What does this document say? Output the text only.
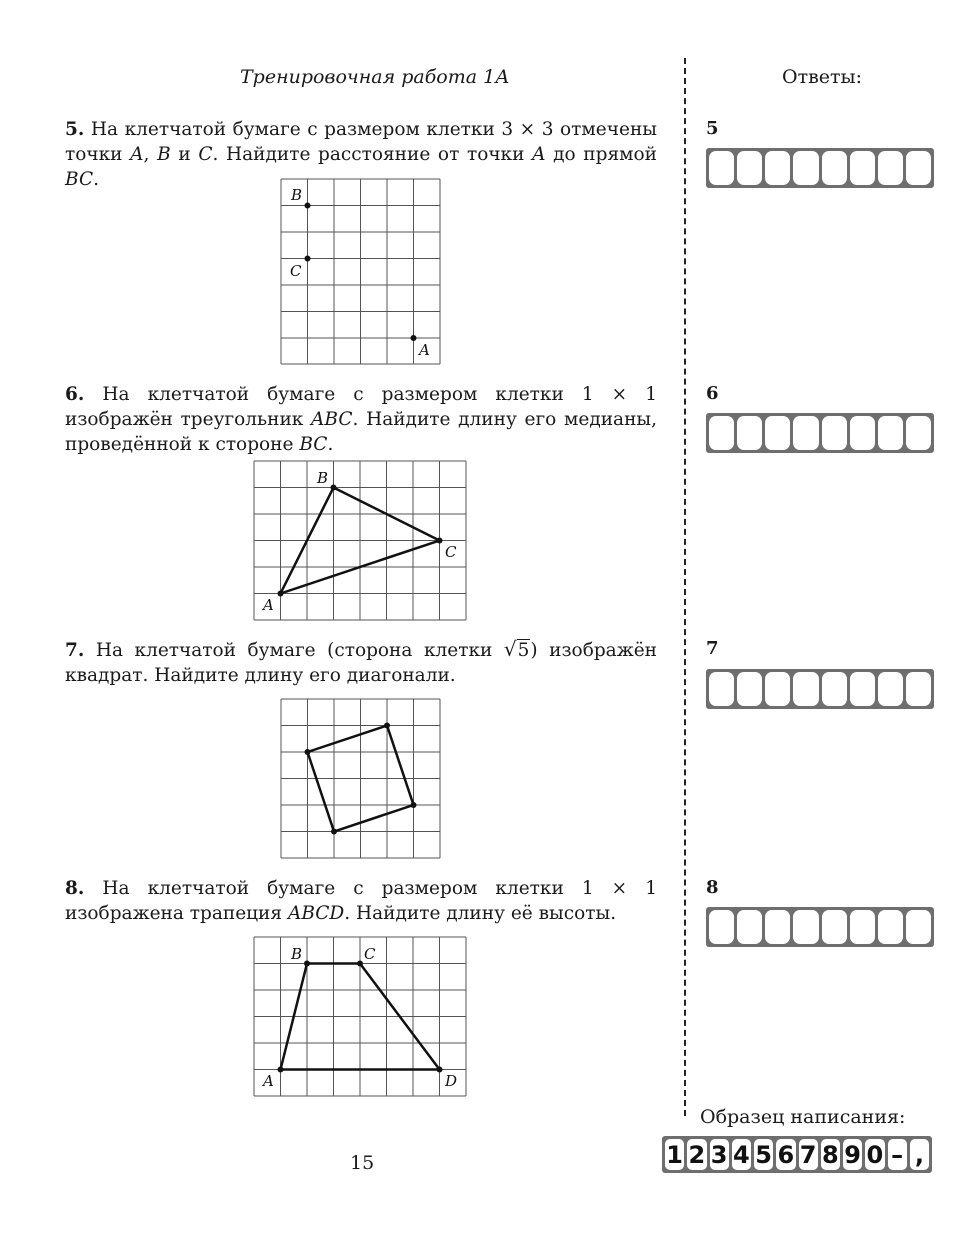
Тренировочная работа 1А	Ответы:
5. На клетчатой бумаге с размером клетки 3 × 3 отмечены точки A, B и C. Найдите расстояние от точки A до прямой BC.
B
C
A
6. На клетчатой бумаге с размером клетки 1 × 1 изображён треугольник ABC. Найдите длину его медианы, проведённой к стороне BC.
A
B
C
7. На клетчатой бумаге (сторона клетки √5) изображён квадрат. Найдите длину его диагонали.
8. На клетчатой бумаге с размером клетки 1 × 1 изображена трапеция ABCD. Найдите длину её высоты.
A
B	C
D
5
6
7
8
Образец написания:
1 2 3 4 5 6 7 8 9 0 – ,
15
